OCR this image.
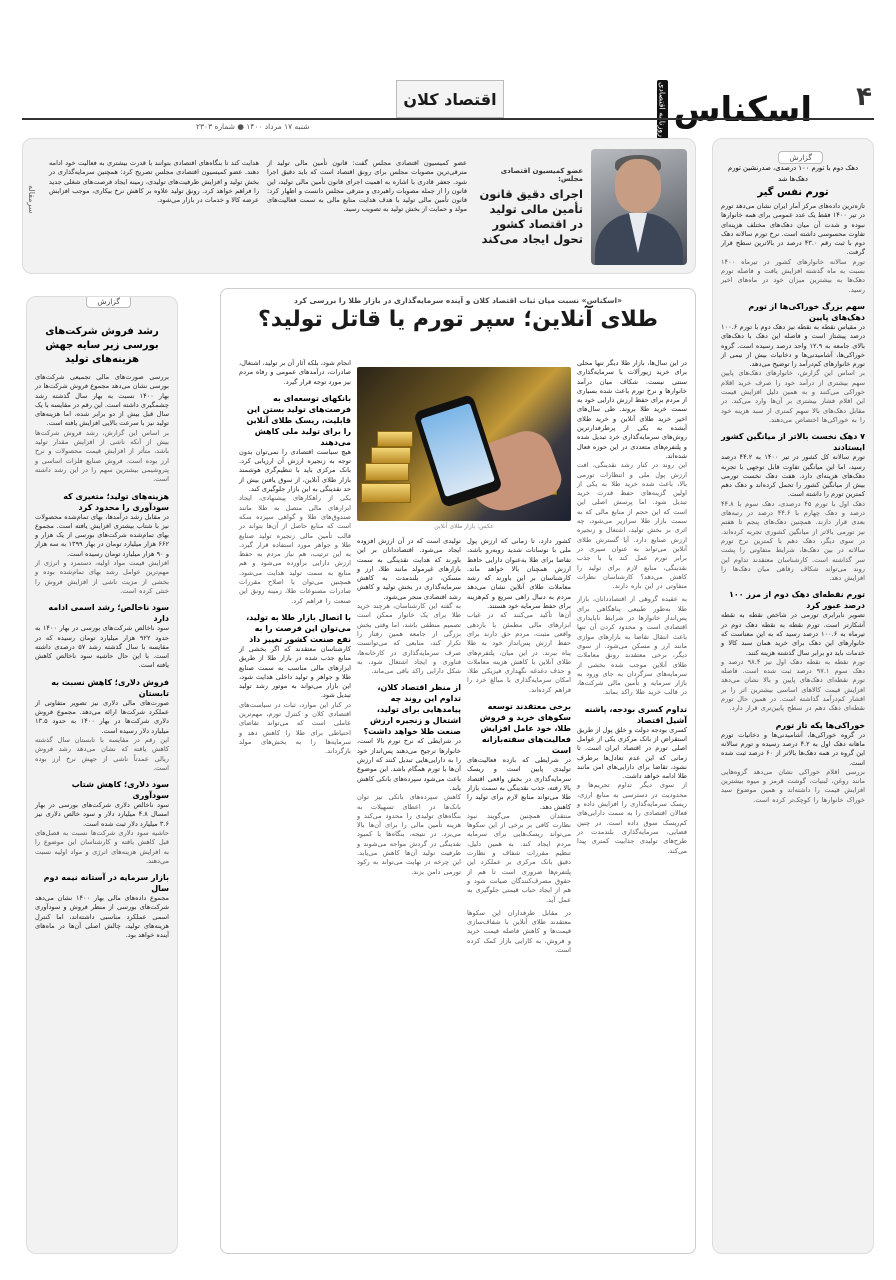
۴
اسکناس
روزنامه اقتصادی
اقتصاد کلان
شنبه ۱۷ مرداد ۱۴۰۰ ● شماره ۲۳۰۳
گزارش
دهک دوم با تورم ۱۰۰ درصدی، صدرنشین تورم دهک‌ها شد
تورم نفس گیر

تازه‌ترین داده‌های مرکز آمار ایران نشان می‌دهد تورم در تیر ۱۴۰۰ فقط یک عدد عمومی برای همه خانوارها نبوده و شدت آن میان دهک‌های مختلف هزینه‌ای تفاوت محسوسی داشته است. نرخ تورم سالانه دهک دوم با ثبت رقم ۴۳.۰ درصد در بالاترین سطح قرار گرفت.

تورم سالانه خانوارهای کشور در تیرماه ۱۴۰۰ نسبت به ماه گذشته افزایش یافت و فاصله تورم دهک‌ها به بیشترین میزان خود در ماه‌های اخیر رسید.

سهم بزرگ خوراکی‌ها از تورم دهک‌های پایین

در مقیاس نقطه به نقطه نیز دهک دوم با تورم ۱۰۰.۶ درصد پیشتاز است و فاصله این دهک با دهک‌های بالای جامعه به ۱۲.۹ واحد درصد رسیده است. گروه خوراکی‌ها، آشامیدنی‌ها و دخانیات بیش از نیمی از تورم خانوارهای کم‌درآمد را توضیح می‌دهد.

بر اساس این گزارش، خانوارهای دهک‌های پایین سهم بیشتری از درآمد خود را صرف خرید اقلام خوراکی می‌کنند و به همین دلیل افزایش قیمت این اقلام فشار بیشتری بر آن‌ها وارد می‌کند. در مقابل دهک‌های بالا سهم کمتری از سبد هزینه خود را به خوراکی‌ها اختصاص می‌دهند.

۷ دهک نخست بالاتر از میانگین کشور ایستادند

تورم سالانه کل کشور در تیر ۱۴۰۰ به ۴۴.۲ درصد رسید، اما این میانگین تفاوت قابل توجهی با تجربه دهک‌های هزینه‌ای دارد. هفت دهک نخست تورمی بیش از میانگین کشور را تحمل کرده‌اند و دهک دهم کمترین تورم را داشته است.

دهک اول با تورم ۴۵ درصدی، دهک سوم با ۴۴.۸ درصد و دهک چهارم با ۴۴.۶ درصد در رتبه‌های بعدی قرار دارند. همچنین دهک‌های پنجم تا هفتم نیز تورمی بالاتر از میانگین کشوری تجربه کرده‌اند. در سوی دیگر، دهک دهم با کمترین نرخ تورم سالانه در بین دهک‌ها، شرایط متفاوتی را پشت سر گذاشته است. کارشناسان معتقدند تداوم این روند می‌تواند شکاف رفاهی میان دهک‌ها را افزایش دهد.

تورم نقطه‌ای دهک دوم از مرز ۱۰۰ درصد عبور کرد

تصویر نابرابری تورمی در شاخص نقطه به نقطه آشکارتر است. تورم نقطه به نقطه دهک دوم در تیرماه به ۱۰۰.۶ درصد رسید که به این معناست که خانوارهای این دهک برای خرید همان سبد کالا و خدمات باید دو برابر سال گذشته هزینه کنند.

تورم نقطه به نقطه دهک اول نیز ۹۸.۴ درصد و دهک سوم ۹۷.۱ درصد ثبت شده است. فاصله تورم نقطه‌ای دهک‌های پایین و بالا نشان می‌دهد افزایش قیمت کالاهای اساسی بیشترین اثر را بر اقشار کم‌درآمد گذاشته است. در همین حال تورم نقطه‌ای دهک دهم در سطح پایین‌تری قرار دارد.

خوراکی‌ها یکه تاز تورم

در گروه خوراکی‌ها، آشامیدنی‌ها و دخانیات تورم ماهانه دهک اول به ۴.۲ درصد رسیده و تورم سالانه این گروه در همه دهک‌ها بالاتر از ۶۰ درصد ثبت شده است.

بررسی اقلام خوراکی نشان می‌دهد گروه‌هایی مانند روغن، لبنیات، گوشت قرمز و میوه بیشترین افزایش قیمت را داشته‌اند و همین موضوع سبد خوراک خانوارها را کوچک‌تر کرده است.

عضو کمیسیون اقتصادی مجلس:
اجرای دقیق قانون تأمین مالی تولید در اقتصاد کشور تحول ایجاد می‌کند

عضو کمیسیون اقتصادی مجلس گفت: قانون تأمین مالی تولید از مترقی‌ترین مصوبات مجلس برای رونق اقتصاد است که باید دقیق اجرا شود. جعفر قادری با اشاره به اهمیت اجرای قانون تأمین مالی تولید، این قانون را از جمله مصوبات راهبردی و مترقی مجلس دانست و اظهار کرد: قانون تأمین مالی تولید با هدف هدایت منابع مالی به سمت فعالیت‌های مولد و حمایت از بخش تولید به تصویب رسید.

هدایت کند تا بنگاه‌های اقتصادی بتوانند با قدرت بیشتری به فعالیت خود ادامه دهند. عضو کمیسیون اقتصادی مجلس تصریح کرد: همچنین سرمایه‌گذاری در بخش تولید و افزایش ظرفیت‌های تولیدی، زمینه ایجاد فرصت‌های شغلی جدید را فراهم خواهد کرد. رونق تولید علاوه بر کاهش نرخ بیکاری، موجب افزایش عرضه کالا و خدمات در بازار می‌شود.

سرمقاله
«اسکناس» نسبت میان ثبات اقتصاد کلان و آینده سرمایه‌گذاری در بازار طلا را بررسی کرد
طلای آنلاین؛ سپر تورم یا قاتل تولید؟

در این سال‌ها، بازار طلا دیگر تنها محلی برای خرید زیورآلات یا سرمایه‌گذاری سنتی نیست. شکاف میان درآمد خانوارها و نرخ تورم باعث شده بسیاری از مردم برای حفظ ارزش دارایی خود به سمت خرید طلا بروند. طی سال‌های اخیر خرید طلای آنلاین و خرید طلای آبشده به یکی از پرطرفدارترین روش‌های سرمایه‌گذاری خرد تبدیل شده و پلتفرم‌های متعددی در این حوزه فعال شده‌اند.

این روند در کنار رشد نقدینگی، افت ارزش پول ملی و انتظارات تورمی بالا، باعث شده خرید طلا به یکی از اولین گزینه‌های حفظ قدرت خرید تبدیل شود. اما پرسش اصلی این است که این حجم از منابع مالی که به سمت بازار طلا سرازیر می‌شود، چه اثری بر بخش تولید، اشتغال و زنجیره ارزش صنایع دارد. آیا گسترش طلای آنلاین می‌تواند به عنوان سپری در برابر تورم عمل کند یا با جذب نقدینگی، منابع لازم برای تولید را کاهش می‌دهد؟ کارشناسان نظرات متفاوتی در این باره دارند.

به عقیده گروهی از اقتصاددانان، بازار طلا به‌طور طبیعی پناهگاهی برای پس‌انداز خانوارها در شرایط ناپایداری اقتصادی است و محدود کردن آن تنها باعث انتقال تقاضا به بازارهای موازی مانند ارز و مسکن می‌شود. از سوی دیگر، برخی معتقدند رونق معاملات طلای آنلاین موجب شده بخشی از سرمایه‌های سرگردان به جای ورود به بازار سرمایه و تأمین مالی شرکت‌ها، در قالب خرید طلا راکد بماند.

تداوم کسری بودجه، پاشنه آشیل اقتصاد

کسری بودجه دولت و خلق پول از طریق استقراض از بانک مرکزی یکی از عوامل اصلی تورم در اقتصاد ایران است. تا زمانی که این عدم تعادل‌ها برطرف نشود، تقاضا برای دارایی‌های امن مانند طلا ادامه خواهد داشت.

از سوی دیگر تداوم تحریم‌ها و محدودیت در دسترسی به منابع ارزی، ریسک سرمایه‌گذاری را افزایش داده و فعالان اقتصادی را به سمت دارایی‌های کم‌ریسک سوق داده است. در چنین فضایی، سرمایه‌گذاری بلندمدت در طرح‌های تولیدی جذابیت کمتری پیدا می‌کند.

عکس: بازار طلای آنلاین

کشور دارد، تا زمانی که ارزش پول ملی با نوسانات شدید روبه‌رو باشد، تقاضا برای طلا به‌عنوان دارایی حافظ ارزش همچنان بالا خواهد ماند. کارشناسان بر این باورند که رشد معاملات طلای آنلاین نشان می‌دهد مردم به دنبال راهی سریع و کم‌هزینه برای حفظ سرمایه خود هستند.

آن‌ها تأکید می‌کنند که در غیاب ابزارهای مالی مطمئن با بازدهی واقعی مثبت، مردم حق دارند برای حفظ ارزش پس‌انداز خود به طلا پناه ببرند. در این میان، پلتفرم‌های طلای آنلاین با کاهش هزینه معاملات و حذف دغدغه نگهداری فیزیکی طلا، امکان سرمایه‌گذاری با مبالغ خرد را فراهم کرده‌اند.

برخی معتقدند توسعه سکوهای خرید و فروش طلا، خود عامل افزایش فعالیت‌های سفته‌بازانه است

در شرایطی که بازده فعالیت‌های تولیدی پایین است و ریسک سرمایه‌گذاری در بخش واقعی اقتصاد بالا رفته، جذب نقدینگی به سمت بازار طلا می‌تواند منابع لازم برای تولید را کاهش دهد.

منتقدان همچنین می‌گویند نبود نظارت کافی بر برخی از این سکوها می‌تواند ریسک‌هایی برای سرمایه مردم ایجاد کند. به همین دلیل، تنظیم مقررات شفاف و نظارت دقیق بانک مرکزی بر عملکرد این پلتفرم‌ها ضروری است تا هم از حقوق مصرف‌کنندگان صیانت شود و هم از ایجاد حباب قیمتی جلوگیری به عمل آید.

در مقابل طرفداران این سکوها معتقدند طلای آنلاین با شفاف‌سازی قیمت‌ها و کاهش فاصله قیمت خرید و فروش، به کارایی بازار کمک کرده است.

تولیدی است که در آن ارزش افزوده ایجاد می‌شود. اقتصاددانان بر این باورند که هدایت نقدینگی به سمت بازارهای غیرمولد مانند طلا، ارز و مسکن، در بلندمدت به کاهش سرمایه‌گذاری در بخش تولید و کاهش رشد اقتصادی منجر می‌شود.

به گفته این کارشناسان، هرچند خرید طلا برای یک خانوار ممکن است تصمیم منطقی باشد، اما وقتی بخش بزرگی از جامعه همین رفتار را تکرار کند، منابعی که می‌توانست صرف سرمایه‌گذاری در کارخانه‌ها، فناوری و ایجاد اشتغال شود، به شکل دارایی راکد باقی می‌ماند.

از منظر اقتصاد کلان، تداوم این روند چه پیامدهایی برای تولید، اشتغال و زنجیره ارزش صنعت طلا خواهد داشت؟

در شرایطی که نرخ تورم بالا است، خانوارها ترجیح می‌دهند پس‌انداز خود را به دارایی‌هایی تبدیل کنند که ارزش آن‌ها با تورم همگام باشد. این موضوع باعث می‌شود سپرده‌های بانکی کاهش یابد.

کاهش سپرده‌های بانکی نیز توان بانک‌ها در اعطای تسهیلات به بنگاه‌های تولیدی را محدود می‌کند و هزینه تأمین مالی را برای آن‌ها بالا می‌برد. در نتیجه، بنگاه‌ها با کمبود نقدینگی در گردش مواجه می‌شوند و ظرفیت تولید آن‌ها کاهش می‌یابد. این چرخه در نهایت می‌تواند به رکود تورمی دامن بزند.

انجام شود، بلکه آثار آن بر تولید، اشتغال، صادرات، درآمدهای عمومی و رفاه مردم نیز مورد توجه قرار گیرد.

بانکهای توسعه‌ای به فرصت‌های تولید بستن این قابلیت، ریسک طلای آنلاین را برای تولید ملی کاهش می‌دهند

هیچ سیاست اقتصادی را نمی‌توان بدون توجه به زنجیره ارزش آن ارزیابی کرد. بانک مرکزی باید با تنظیم‌گری هوشمند بازار طلای آنلاین، از سوق یافتن بیش از حد نقدینگی به این بازار جلوگیری کند.

یکی از راهکارهای پیشنهادی، ایجاد ابزارهای مالی متصل به طلا مانند صندوق‌های طلا و گواهی سپرده سکه است که منابع حاصل از آن‌ها بتواند در قالب تأمین مالی زنجیره تولید صنایع طلا و جواهر مورد استفاده قرار گیرد. به این ترتیب، هم نیاز مردم به حفظ ارزش دارایی برآورده می‌شود و هم منابع به سمت تولید هدایت می‌شود. همچنین می‌توان با اصلاح مقررات صادرات مصنوعات طلا، زمینه رونق این صنعت را فراهم کرد.

با اتصال بازار طلا به تولید، می‌توان این فرصت را به نفع صنعت کشور تغییر داد

کارشناسان معتقدند که اگر بخشی از منابع جذب شده در بازار طلا از طریق ابزارهای مالی مناسب به سمت صنایع طلا و جواهر و تولید داخلی هدایت شود، این بازار می‌تواند به موتور رشد تولید تبدیل شود.

در کنار این موارد، ثبات در سیاست‌های اقتصادی کلان و کنترل تورم، مهم‌ترین عاملی است که می‌تواند تقاضای احتیاطی برای طلا را کاهش دهد و سرمایه‌ها را به بخش‌های مولد بازگرداند.

گزارش
رشد فروش شرکت‌های بورسی زیر سایه جهش هزینه‌های تولید

بررسی صورت‌های مالی تجمیعی شرکت‌های بورسی نشان می‌دهد مجموع فروش شرکت‌ها در بهار ۱۴۰۰ نسبت به بهار سال گذشته رشد چشمگیری داشته است. این رقم در مقایسه با یک سال قبل بیش از دو برابر شده، اما هزینه‌های تولید نیز با سرعت بالایی افزایش یافته است.

بر اساس این گزارش، رشد فروش شرکت‌ها بیش از آنکه ناشی از افزایش مقدار تولید باشد، متأثر از افزایش قیمت محصولات و نرخ ارز بوده است. فروش صنایع فلزات اساسی و پتروشیمی بیشترین سهم را در این رشد داشته است.

هزینه‌های تولید؛ متغیری که سودآوری را محدود کرد

در مقابل رشد درآمدها، بهای تمام‌شده محصولات نیز با شتاب بیشتری افزایش یافته است. مجموع بهای تمام‌شده شرکت‌های بورسی از یک هزار و ۶۶۲ هزار میلیارد تومان در بهار ۱۳۹۹ به سه هزار و ۹۰ هزار میلیارد تومان رسیده است.

افزایش قیمت مواد اولیه، دستمزد و انرژی از مهم‌ترین عوامل رشد بهای تمام‌شده بوده و بخشی از مزیت ناشی از افزایش فروش را خنثی کرده است.

سود ناخالص؛ رشد اسمی ادامه دارد

سود ناخالص شرکت‌های بورسی در بهار ۱۴۰۰ به حدود ۹۲۲ هزار میلیارد تومان رسیده که در مقایسه با سال گذشته رشد ۵۷ درصدی داشته است. با این حال حاشیه سود ناخالص کاهش یافته است.

فروش دلاری؛ کاهش نسبت به تابستان

صورت‌های مالی دلاری نیز تصویر متفاوتی از عملکرد شرکت‌ها ارائه می‌دهد. مجموع فروش دلاری شرکت‌ها در بهار ۱۴۰۰ به حدود ۱۳.۵ میلیارد دلار رسیده است.

این رقم در مقایسه با تابستان سال گذشته کاهش یافته که نشان می‌دهد رشد فروش ریالی عمدتاً ناشی از جهش نرخ ارز بوده است.

سود دلاری؛ کاهش شتاب سودآوری

سود ناخالص دلاری شرکت‌های بورسی در بهار امسال ۴.۸ میلیارد دلار و سود خالص دلاری نیز ۳.۶ میلیارد دلار ثبت شده است.

حاشیه سود دلاری شرکت‌ها نسبت به فصل‌های قبل کاهش یافته و کارشناسان این موضوع را به افزایش هزینه‌های انرژی و مواد اولیه نسبت می‌دهند.

بازار سرمایه در آستانه نیمه دوم سال

مجموع داده‌های مالی بهار ۱۴۰۰ نشان می‌دهد شرکت‌های بورسی از منظر فروش و سودآوری اسمی عملکرد مناسبی داشته‌اند، اما کنترل هزینه‌های تولید، چالش اصلی آن‌ها در ماه‌های آینده خواهد بود.
